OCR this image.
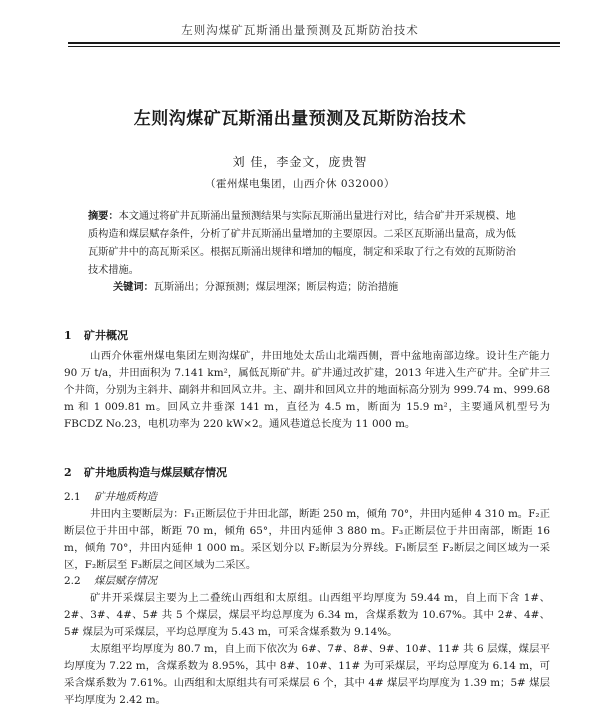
左则沟煤矿瓦斯涌出量预测及瓦斯防治技术
左则沟煤矿瓦斯涌出量预测及瓦斯防治技术
刘 佳，李金文，庞贵智
（霍州煤电集团，山西介休 032000）
摘要：本文通过将矿井瓦斯涌出量预测结果与实际瓦斯涌出量进行对比，结合矿井开采规模、地质构造和煤层赋存条件，分析了矿井瓦斯涌出量增加的主要原因。二采区瓦斯涌出量高，成为低瓦斯矿井中的高瓦斯采区。根据瓦斯涌出规律和增加的幅度，制定和采取了行之有效的瓦斯防治技术措施。
关键词：瓦斯涌出；分源预测；煤层埋深；断层构造；防治措施
1 矿井概况
山西介休霍州煤电集团左则沟煤矿，井田地处太岳山北端西侧，晋中盆地南部边缘。设计生产能力 90 万 t/a，井田面积为 7.141 km²，属低瓦斯矿井。矿井通过改扩建，2013 年进入生产矿井。全矿井三个井筒，分别为主斜井、副斜井和回风立井。主、副井和回风立井的地面标高分别为 999.74 m、999.68 m 和 1 009.81 m。回风立井垂深 141 m，直径为 4.5 m，断面为 15.9 m²，主要通风机型号为 FBCDZ No.23，电机功率为 220 kW×2。通风巷道总长度为 11 000 m。
2 矿井地质构造与煤层赋存情况
2.1 矿井地质构造
井田内主要断层为：F₁正断层位于井田北部，断距 250 m，倾角 70°，井田内延伸 4 310 m。F₂正断层位于井田中部，断距 70 m，倾角 65°，井田内延伸 3 880 m。F₃正断层位于井田南部，断距 16 m，倾角 70°，井田内延伸 1 000 m。采区划分以 F₂断层为分界线。F₁断层至 F₂断层之间区域为一采区，F₂断层至 F₃断层之间区域为二采区。
2.2 煤层赋存情况
矿井开采煤层主要为上二叠统山西组和太原组。山西组平均厚度为 59.44 m，自上而下含 1#、2#、3#、4#、5# 共 5 个煤层，煤层平均总厚度为 6.34 m，含煤系数为 10.67%。其中 2#、4#、5# 煤层为可采煤层，平均总厚度为 5.43 m，可采含煤系数为 9.14%。
太原组平均厚度为 80.7 m，自上而下依次为 6#、7#、8#、9#、10#、11# 共 6 层煤，煤层平均厚度为 7.22 m，含煤系数为 8.95%，其中 8#、10#、11# 为可采煤层，平均总厚度为 6.14 m，可采含煤系数为 7.61%。山西组和太原组共有可采煤层 6 个，其中 4# 煤层平均厚度为 1.39 m；5# 煤层平均厚度为 2.42 m。
